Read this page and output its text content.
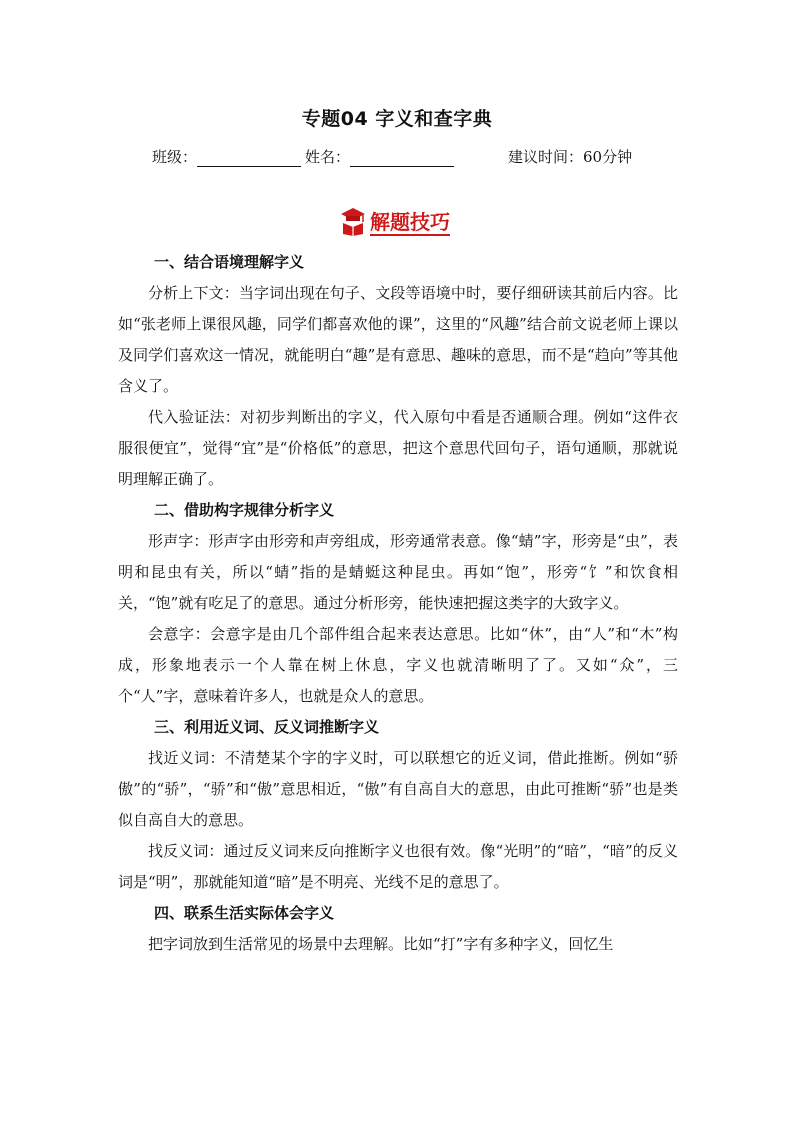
专题04 字义和查字典
班级：	姓名：	建议时间：60分钟
解题技巧
一、结合语境理解字义

分析上下文：当字词出现在句子、文段等语境中时，要仔细研读其前后内容。比如“张老师上课很风趣，同学们都喜欢他的课”，这里的“风趣”结合前文说老师上课以及同学们喜欢这一情况，就能明白“趣”是有意思、趣味的意思，而不是“趋向”等其他含义了。

代入验证法：对初步判断出的字义，代入原句中看是否通顺合理。例如“这件衣服很便宜”，觉得“宜”是“价格低”的意思，把这个意思代回句子，语句通顺，那就说明理解正确了。

二、借助构字规律分析字义

形声字：形声字由形旁和声旁组成，形旁通常表意。像“蜻”字，形旁是“虫”，表明和昆虫有关，所以“蜻”指的是蜻蜓这种昆虫。再如“饱”，形旁“饣”和饮食相关，“饱”就有吃足了的意思。通过分析形旁，能快速把握这类字的大致字义。

会意字：会意字是由几个部件组合起来表达意思。比如“休”，由“人”和“木”构成，形象地表示一个人靠在树上休息，字义也就清晰明了了。又如“众”，三个“人”字，意味着许多人，也就是众人的意思。

三、利用近义词、反义词推断字义

找近义词：不清楚某个字的字义时，可以联想它的近义词，借此推断。例如“骄傲”的“骄”，“骄”和“傲”意思相近，“傲”有自高自大的意思，由此可推断“骄”也是类似自高自大的意思。

找反义词：通过反义词来反向推断字义也很有效。像“光明”的“暗”，“暗”的反义词是“明”，那就能知道“暗”是不明亮、光线不足的意思了。

四、联系生活实际体会字义

把字词放到生活常见的场景中去理解。比如“打”字有多种字义，回忆生
